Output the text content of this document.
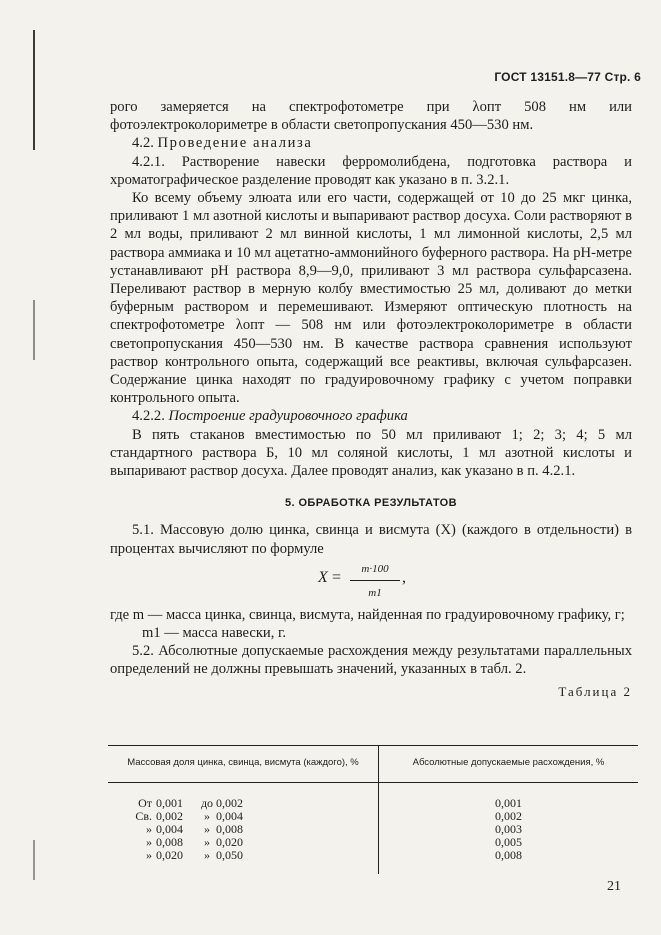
ГОСТ 13151.8—77 Стр. 6

рого замеряется на спектрофотометре при λопт 508 нм или фотоэлектроколориметре в области светопропускания 450—530 нм.

4.2. Проведение анализа

4.2.1. Растворение навески ферромолибдена, подготовка раствора и хроматографическое разделение проводят как указано в п. 3.2.1.

Ко всему объему элюата или его части, содержащей от 10 до 25 мкг цинка, приливают 1 мл азотной кислоты и выпаривают раствор досуха. Соли растворяют в 2 мл воды, приливают 2 мл винной кислоты, 1 мл лимонной кислоты, 2,5 мл раствора аммиака и 10 мл ацетатно-аммонийного буферного раствора. На pH-метре устанавливают pH раствора 8,9—9,0, приливают 3 мл раствора сульфарсазена. Переливают раствор в мерную колбу вместимостью 25 мл, доливают до метки буферным раствором и перемешивают. Измеряют оптическую плотность на спектрофотометре λопт — 508 нм или фотоэлектроколориметре в области светопропускания 450—530 нм. В качестве раствора сравнения используют раствор контрольного опыта, содержащий все реактивы, включая сульфарсазен. Содержание цинка находят по градуировочному графику с учетом поправки контрольного опыта.

4.2.2. Построение градуировочного графика

В пять стаканов вместимостью по 50 мл приливают 1; 2; 3; 4; 5 мл стандартного раствора Б, 10 мл соляной кислоты, 1 мл азотной кислоты и выпаривают раствор досуха. Далее проводят анализ, как указано в п. 4.2.1.

5. ОБРАБОТКА РЕЗУЛЬТАТОВ

5.1. Массовую долю цинка, свинца и висмута (X) (каждого в отдельности) в процентах вычисляют по формуле

X =	m·100
m1
,

где m — масса цинка, свинца, висмута, найденная по градуировочному графику, г;

m1 — масса навески, г.

5.2. Абсолютные допускаемые расхождения между результатами параллельных определений не должны превышать значений, указанных в табл. 2.

Таблица 2
Массовая доля цинка, свинца, висмута (каждого), %	Абсолютные допускаемые расхождения, %

От 0,001 до 0,002	0,001

Св. 0,002 » 0,004	0,002

» 0,004 » 0,008	0,003

» 0,008 » 0,020	0,005

» 0,020 » 0,050	0,008
21
